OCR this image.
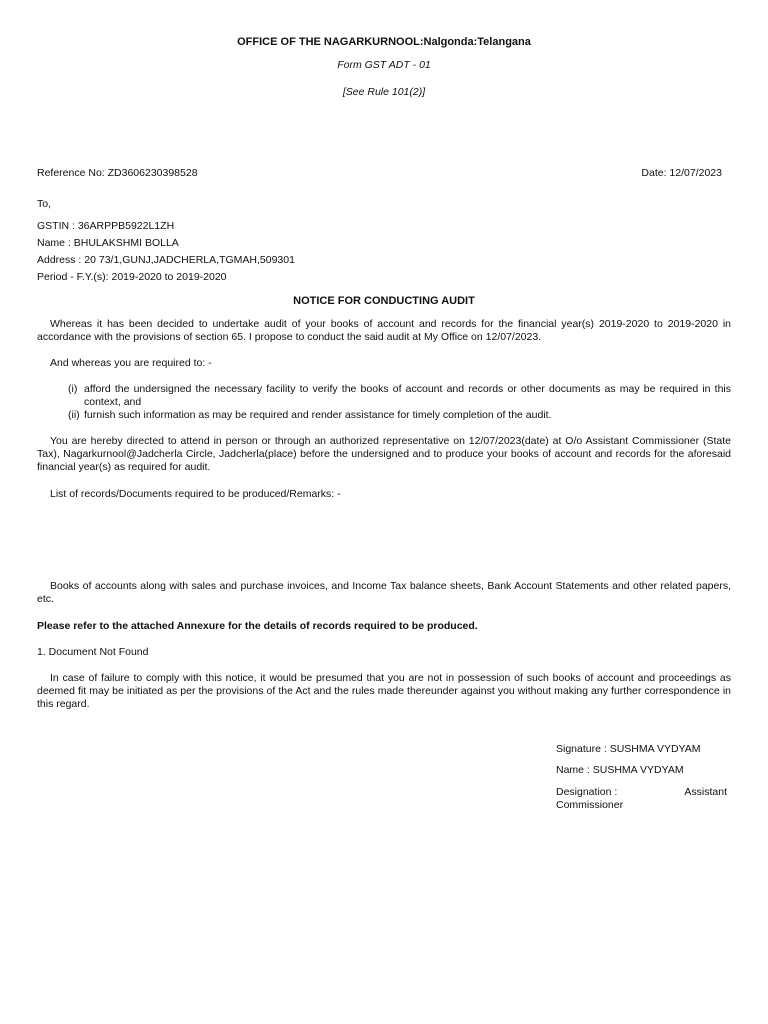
OFFICE OF THE NAGARKURNOOL:Nalgonda:Telangana
Form GST ADT - 01
[See Rule 101(2)]
Reference No: ZD3606230398528	Date: 12/07/2023
To,
GSTIN : 36ARPPB5922L1ZH
Name : BHULAKSHMI BOLLA
Address : 20 73/1,GUNJ,JADCHERLA,TGMAH,509301
Period - F.Y.(s): 2019-2020 to 2019-2020
NOTICE FOR CONDUCTING AUDIT
Whereas it has been decided to undertake audit of your books of account and records for the financial year(s) 2019-2020 to 2019-2020 in accordance with the provisions of section 65. I propose to conduct the said audit at My Office on 12/07/2023.
And whereas you are required to: -
(i) afford the undersigned the necessary facility to verify the books of account and records or other documents as may be required in this context, and
(ii) furnish such information as may be required and render assistance for timely completion of the audit.
You are hereby directed to attend in person or through an authorized representative on 12/07/2023(date) at O/o Assistant Commissioner (State Tax), Nagarkurnool@Jadcherla Circle, Jadcherla(place) before the undersigned and to produce your books of account and records for the aforesaid financial year(s) as required for audit.
List of records/Documents required to be produced/Remarks: -
Books of accounts along with sales and purchase invoices, and Income Tax balance sheets, Bank Account Statements and other related papers, etc.
Please refer to the attached Annexure for the details of records required to be produced.
1. Document Not Found
In case of failure to comply with this notice, it would be presumed that you are not in possession of such books of account and proceedings as deemed fit may be initiated as per the provisions of the Act and the rules made thereunder against you without making any further correspondence in this regard.
Signature : SUSHMA VYDYAM
Name : SUSHMA VYDYAM
Designation :	Assistant
Commissioner
